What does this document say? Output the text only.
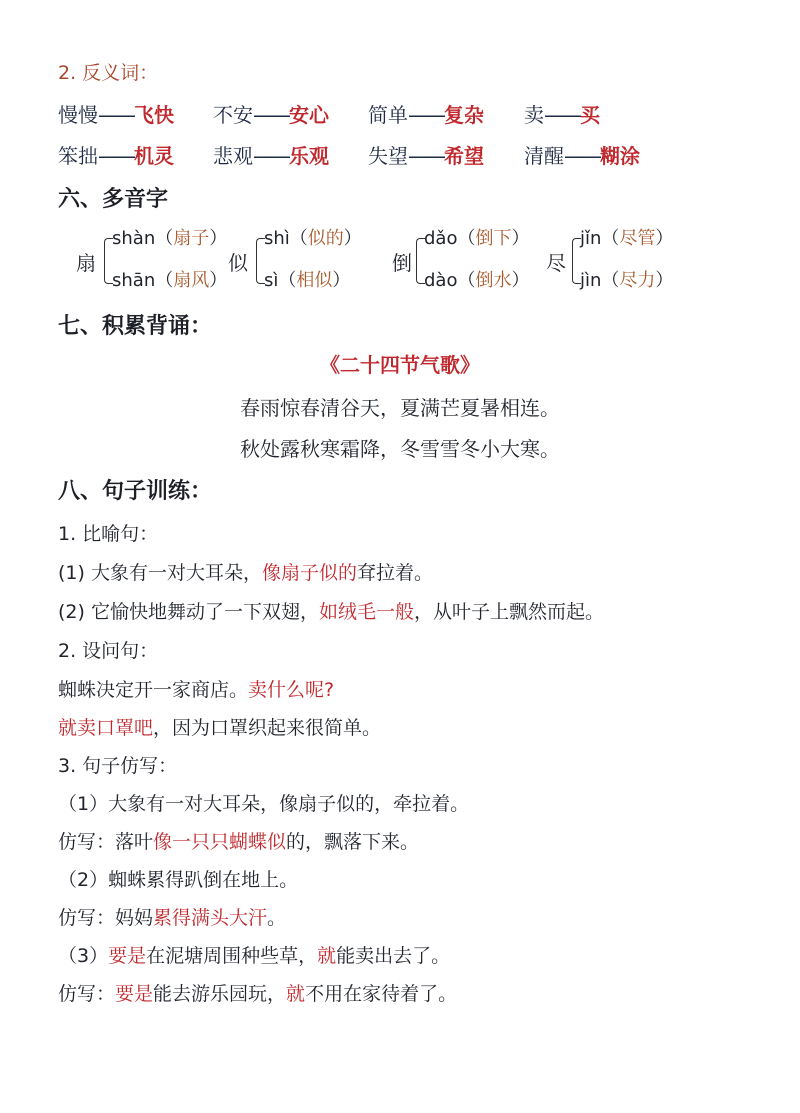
2. 反义词：
慢慢——飞快 不安——安心 简单——复杂 卖——买
笨拙——机灵 悲观——乐观 失望——希望 清醒——糊涂
六、多音字
扇
shàn（扇子）
shān（扇风）
似
shì（似的）
sì（相似）
倒
dǎo（倒下）
dào（倒水）
尽
jǐn（尽管）
jìn（尽力）
七、积累背诵：
《二十四节气歌》
春雨惊春清谷天，夏满芒夏暑相连。
秋处露秋寒霜降，冬雪雪冬小大寒。
八、句子训练：
1. 比喻句：
(1) 大象有一对大耳朵，像扇子似的耷拉着。
(2) 它愉快地舞动了一下双翅，如绒毛一般，从叶子上飘然而起。
2. 设问句：
蜘蛛决定开一家商店。卖什么呢?
就卖口罩吧，因为口罩织起来很简单。
3. 句子仿写：
（1）大象有一对大耳朵，像扇子似的，牵拉着。
仿写：落叶像一只只蝴蝶似的，飘落下来。
（2）蜘蛛累得趴倒在地上。
仿写：妈妈累得满头大汗。
（3）要是在泥塘周围种些草，就能卖出去了。
仿写：要是能去游乐园玩，就不用在家待着了。
